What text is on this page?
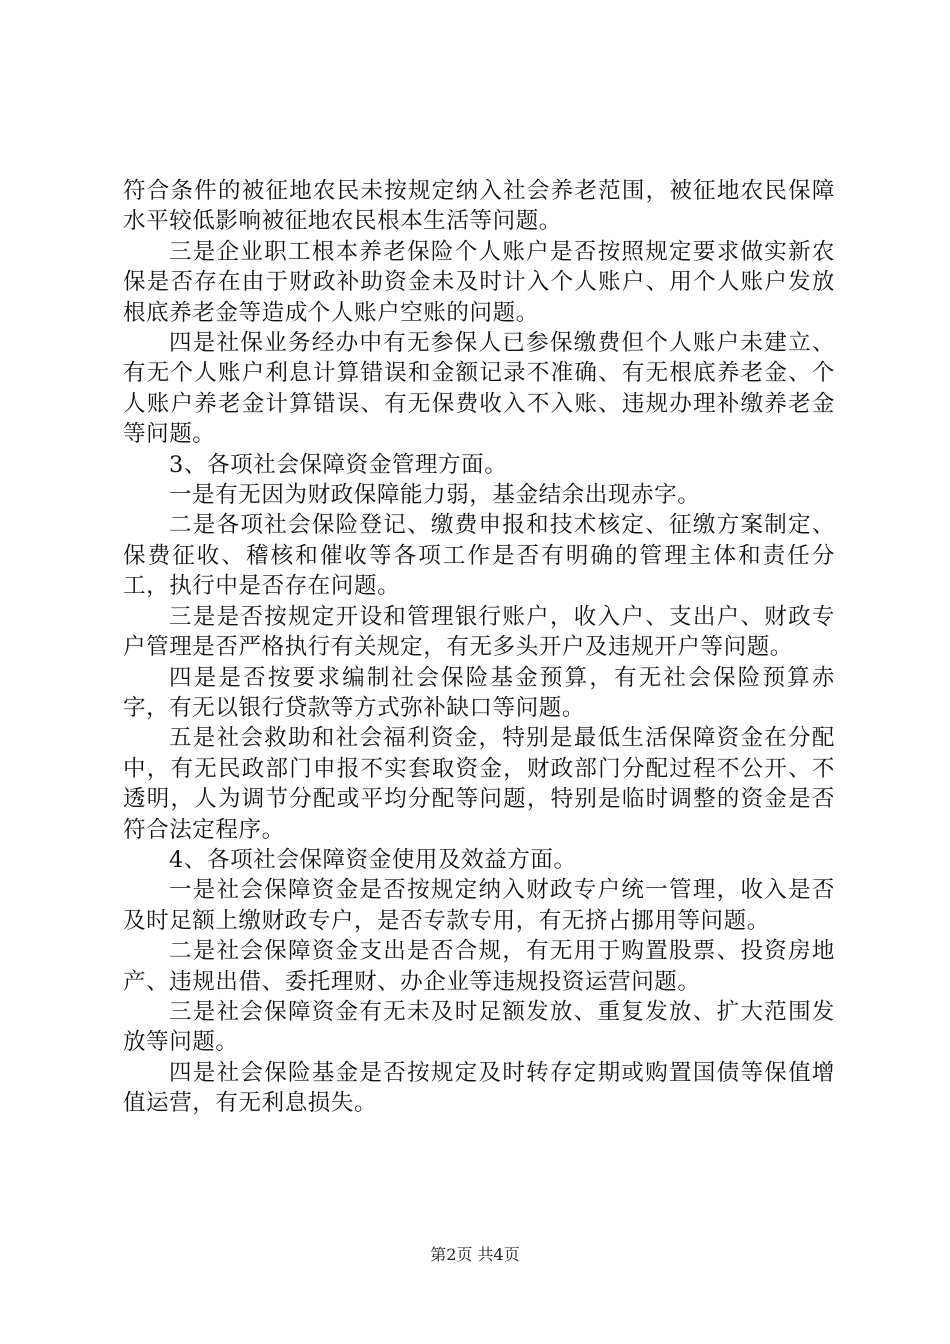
符合条件的被征地农民未按规定纳入社会养老范围，被征地农民保障水平较低影响被征地农民根本生活等问题。

三是企业职工根本养老保险个人账户是否按照规定要求做实新农保是否存在由于财政补助资金未及时计入个人账户、用个人账户发放根底养老金等造成个人账户空账的问题。

四是社保业务经办中有无参保人已参保缴费但个人账户未建立、有无个人账户利息计算错误和金额记录不准确、有无根底养老金、个人账户养老金计算错误、有无保费收入不入账、违规办理补缴养老金等问题。

3、各项社会保障资金管理方面。

一是有无因为财政保障能力弱，基金结余出现赤字。

二是各项社会保险登记、缴费申报和技术核定、征缴方案制定、保费征收、稽核和催收等各项工作是否有明确的管理主体和责任分工，执行中是否存在问题。

三是是否按规定开设和管理银行账户，收入户、支出户、财政专户管理是否严格执行有关规定，有无多头开户及违规开户等问题。

四是是否按要求编制社会保险基金预算，有无社会保险预算赤字，有无以银行贷款等方式弥补缺口等问题。

五是社会救助和社会福利资金，特别是最低生活保障资金在分配中，有无民政部门申报不实套取资金，财政部门分配过程不公开、不透明，人为调节分配或平均分配等问题，特别是临时调整的资金是否符合法定程序。

4、各项社会保障资金使用及效益方面。

一是社会保障资金是否按规定纳入财政专户统一管理，收入是否及时足额上缴财政专户，是否专款专用，有无挤占挪用等问题。

二是社会保障资金支出是否合规，有无用于购置股票、投资房地产、违规出借、委托理财、办企业等违规投资运营问题。

三是社会保障资金有无未及时足额发放、重复发放、扩大范围发放等问题。

四是社会保险基金是否按规定及时转存定期或购置国债等保值增值运营，有无利息损失。

第2页 共4页
